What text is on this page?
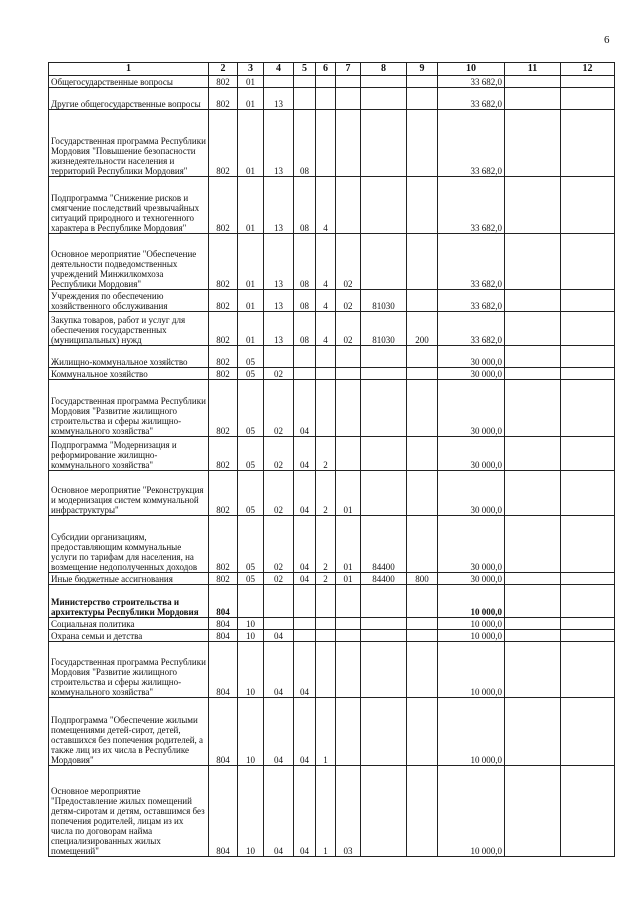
6
1	2	3	4	5	6	7	8	9	10	11	12
Общегосударственные вопросы	802	01							33 682,0		
Другие общегосударственные вопросы	802	01	13						33 682,0		
Государственная программа Республики Мордовия "Повышение безопасности жизнедеятельности населения и территорий Республики Мордовия"	802	01	13	08					33 682,0		
Подпрограмма "Снижение рисков и смягчение последствий чрезвычайных ситуаций природного и техногенного характера в Республике Мордовия"	802	01	13	08	4				33 682,0		
Основное мероприятие "Обеспечение деятельности подведомственных учреждений Минжилкомхоза Республики Мордовия"	802	01	13	08	4	02			33 682,0		
Учреждения по обеспечению хозяйственного обслуживания	802	01	13	08	4	02	81030		33 682,0		
Закупка товаров, работ и услуг для обеспечения государственных (муниципальных) нужд	802	01	13	08	4	02	81030	200	33 682,0		
Жилищно-коммунальное хозяйство	802	05							30 000,0		
Коммунальное хозяйство	802	05	02						30 000,0		
Государственная программа Республики Мордовия "Развитие жилищного строительства и сферы жилищно-коммунального хозяйства"	802	05	02	04					30 000,0		
Подпрограмма "Модернизация и реформирование жилищно-коммунального хозяйства"	802	05	02	04	2				30 000,0		
Основное мероприятие "Реконструкция и модернизация систем коммунальной инфраструктуры"	802	05	02	04	2	01			30 000,0		
Субсидии организациям, предоставляющим коммунальные услуги по тарифам для населения, на возмещение недополученных доходов	802	05	02	04	2	01	84400		30 000,0		
Иные бюджетные ассигнования	802	05	02	04	2	01	84400	800	30 000,0		
Министерство строительства и архитектуры Республики Мордовия	804								10 000,0		
Социальная политика	804	10							10 000,0		
Охрана семьи и детства	804	10	04						10 000,0		
Государственная программа Республики Мордовия "Развитие жилищного строительства и сферы жилищно-коммунального хозяйства"	804	10	04	04					10 000,0		
Подпрограмма "Обеспечение жилыми помещениями детей-сирот, детей, оставшихся без попечения родителей, а также лиц из их числа в Республике Мордовия"	804	10	04	04	1				10 000,0		
Основное мероприятие "Предоставление жилых помещений детям-сиротам и детям, оставшимся без попечения родителей, лицам из их числа по договорам найма специализированных жилых помещений"	804	10	04	04	1	03			10 000,0		
